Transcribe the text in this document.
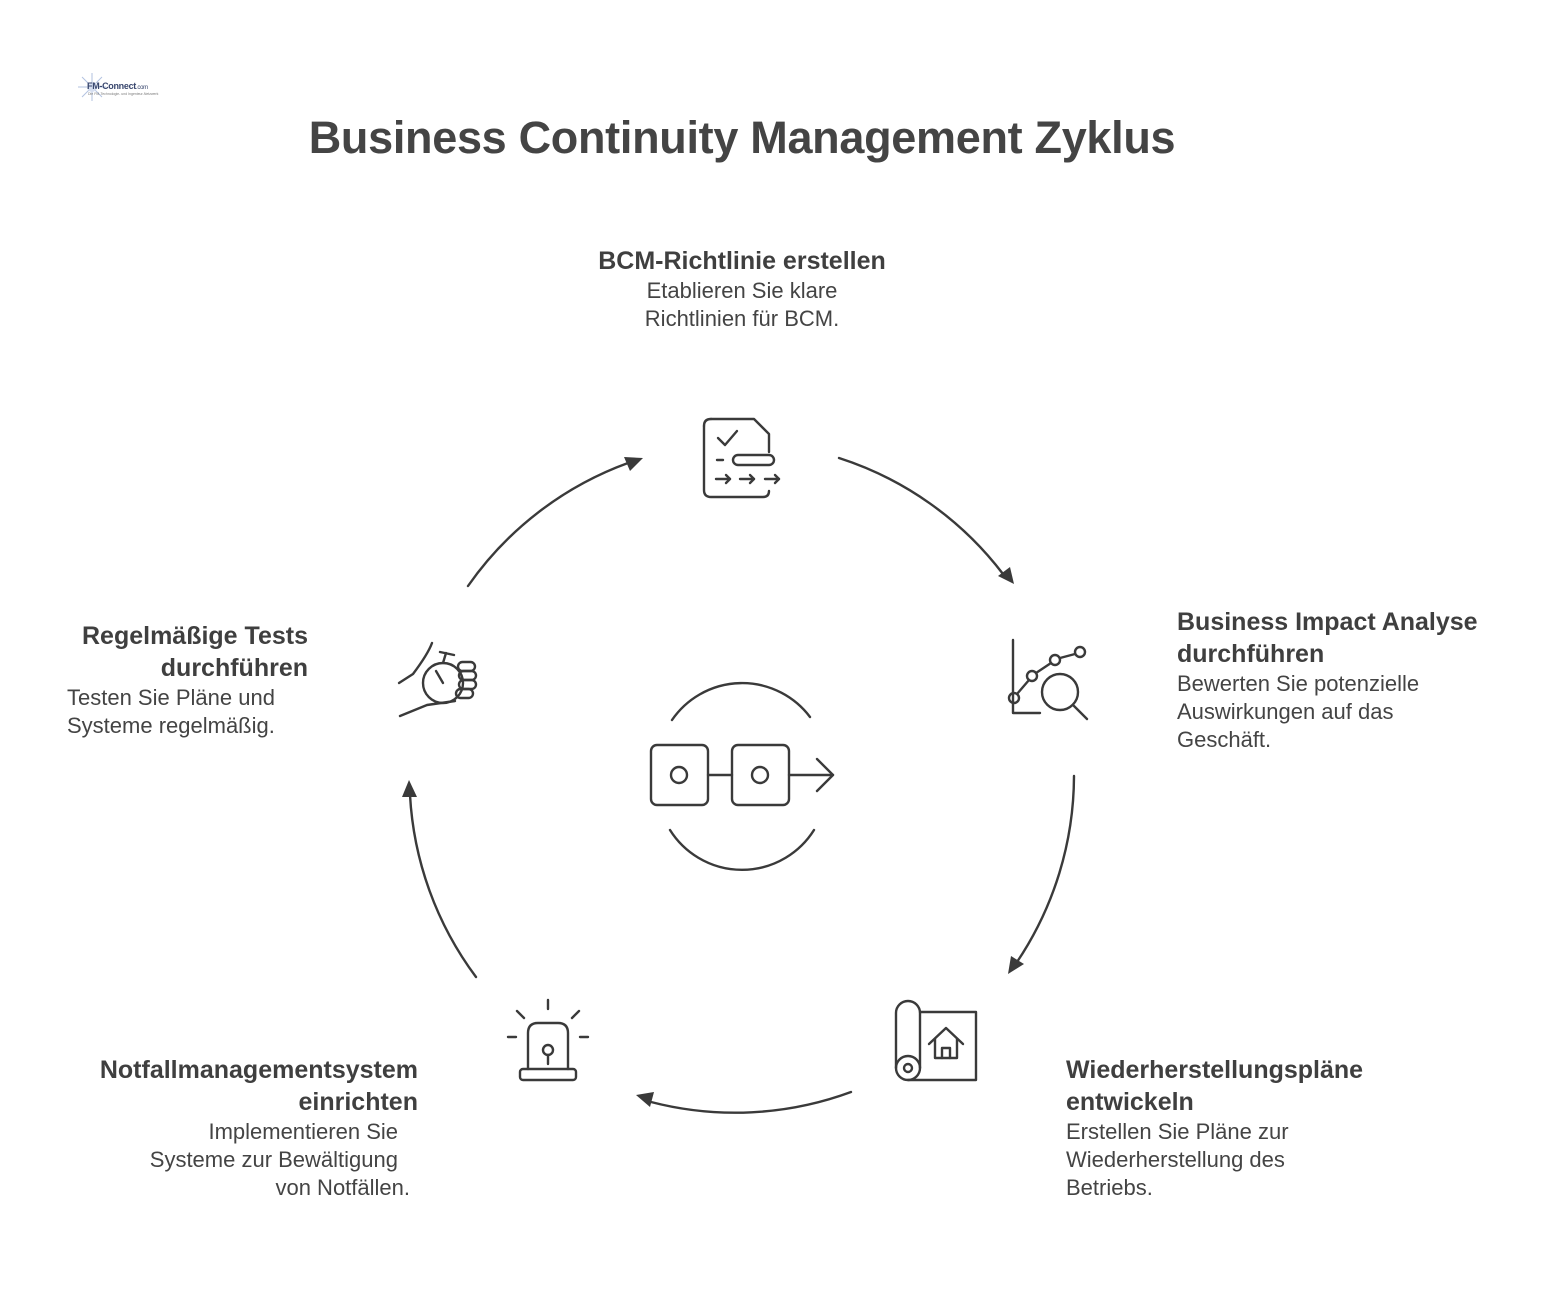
FM-Connect.com
Die FM-Technologie- und Ingenieur-Netzwerk
Business Continuity Management Zyklus

BCM-Richtlinie erstellen

Etablieren Sie klare

Richtlinien für BCM.

Business Impact Analyse

durchführen

Bewerten Sie potenzielle

Auswirkungen auf das

Geschäft.

Wiederherstellungspläne

entwickeln

Erstellen Sie Pläne zur

Wiederherstellung des

Betriebs.

Notfallmanagementsystem

einrichten

Implementieren Sie

Systeme zur Bewältigung

von Notfällen.

Regelmäßige Tests

durchführen

Testen Sie Pläne und

Systeme regelmäßig.
